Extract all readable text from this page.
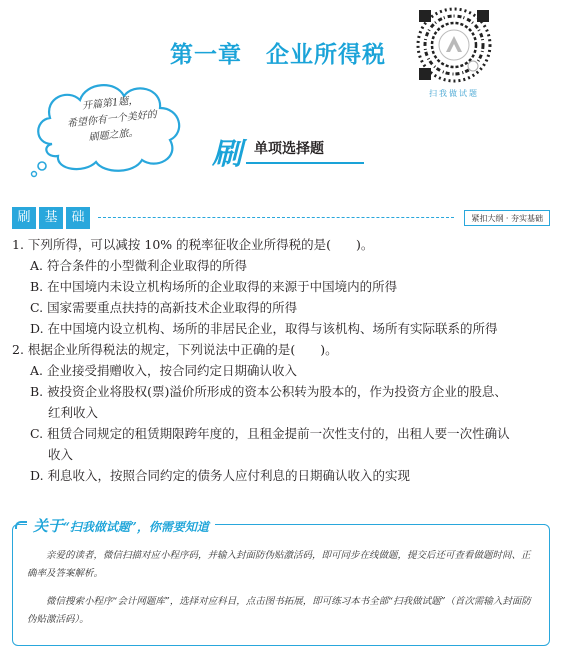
第一章　企业所得税
扫我做试题
开篇第1题，
希望你有一个美好的
刷题之旅。
刷 单项选择题
刷	基	础	紧扣大纲 · 夯实基础
1. 下列所得，可以减按 10% 的税率征收企业所得税的是(　　)。
A. 符合条件的小型微利企业取得的所得
B. 在中国境内未设立机构场所的企业取得的来源于中国境内的所得
C. 国家需要重点扶持的高新技术企业取得的所得
D. 在中国境内设立机构、场所的非居民企业，取得与该机构、场所有实际联系的所得
2. 根据企业所得税法的规定，下列说法中正确的是(　　)。
A. 企业接受捐赠收入，按合同约定日期确认收入
B. 被投资企业将股权(票)溢价所形成的资本公积转为股本的，作为投资方企业的股息、
红利收入
C. 租赁合同规定的租赁期限跨年度的，且租金提前一次性支付的，出租人要一次性确认
收入
D. 利息收入，按照合同约定的债务人应付利息的日期确认收入的实现
关于“扫我做试题”，你需要知道
亲爱的读者，微信扫描对应小程序码，并输入封面防伪贴激活码，即可同步在线做题，提交后还可查看做题时间、正确率及答案解析。
微信搜索小程序“会计网题库”，选择对应科目，点击图书拓展，即可练习本书全部“扫我做试题”（首次需输入封面防伪贴激活码）。
